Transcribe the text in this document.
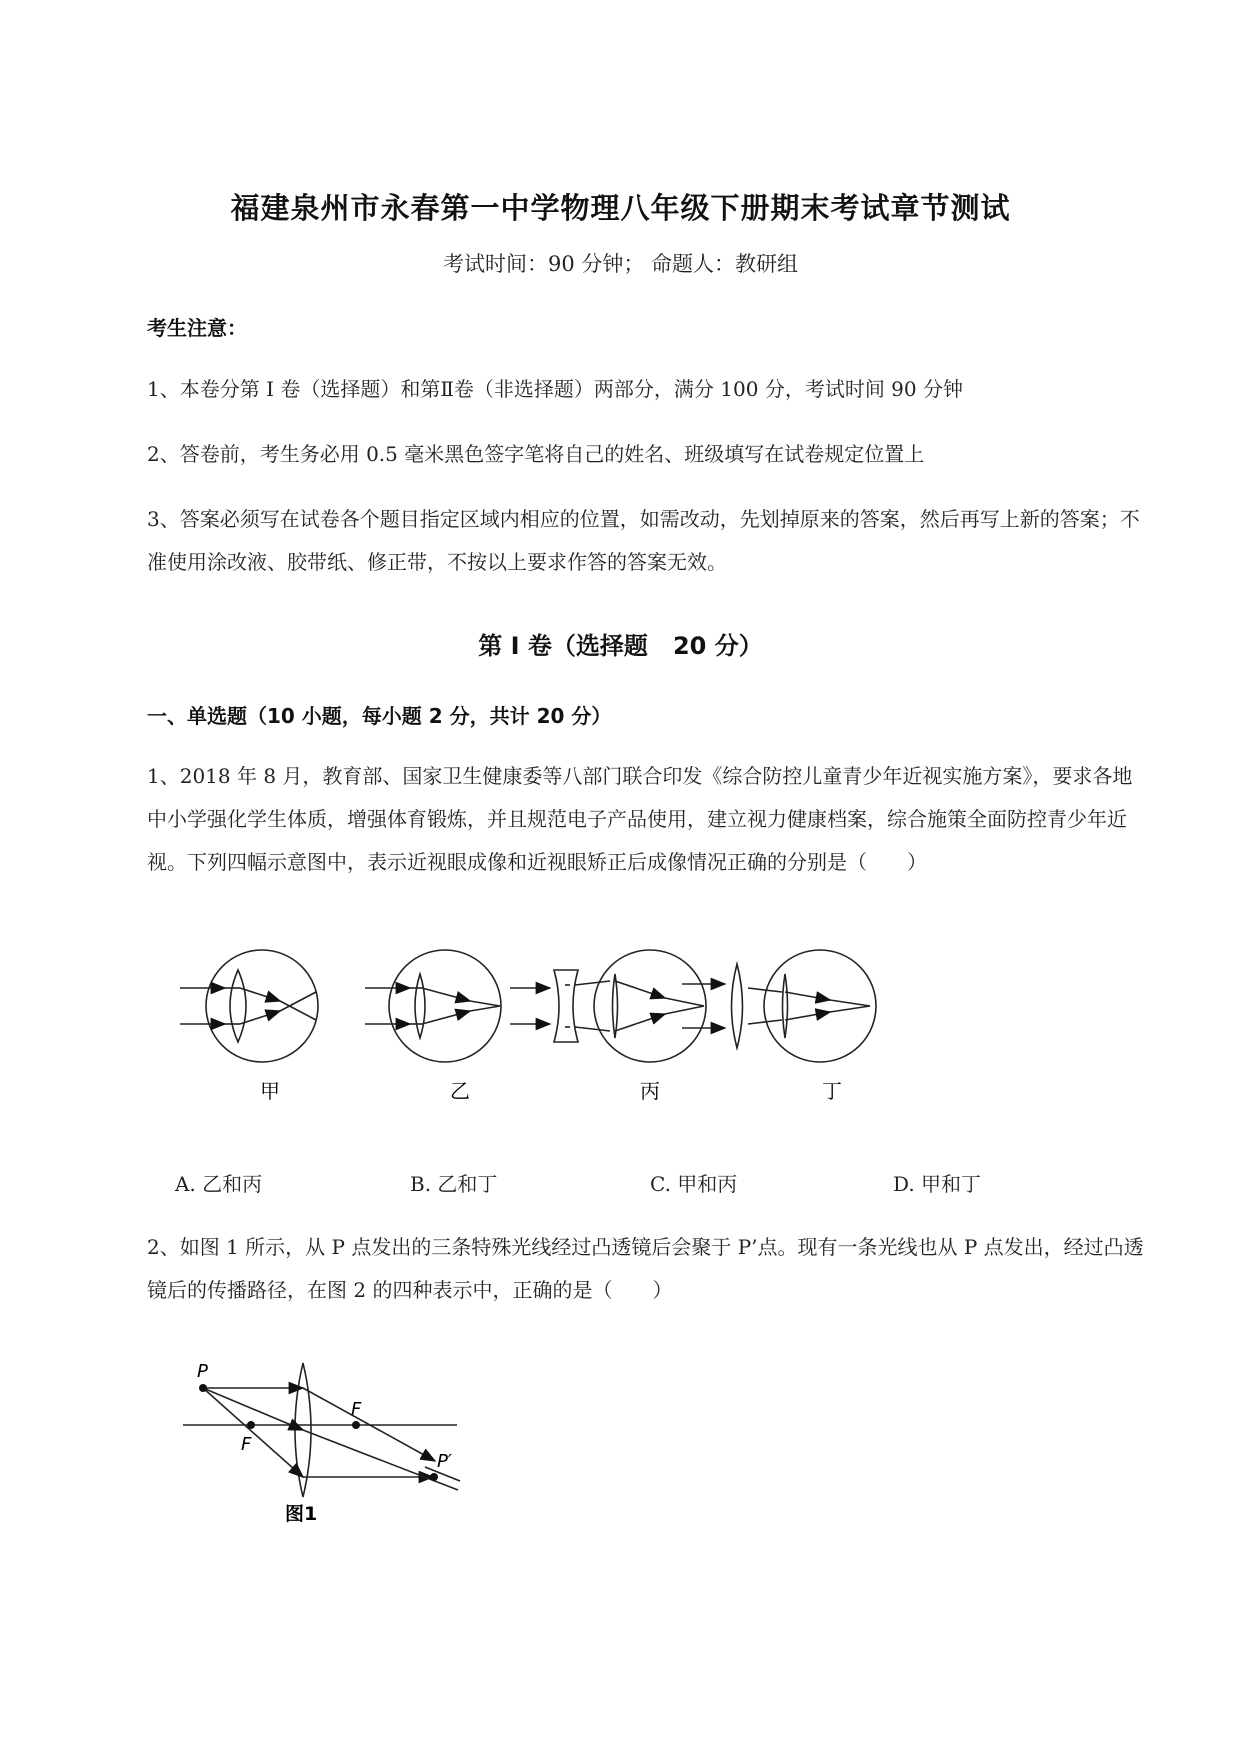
福建泉州市永春第一中学物理八年级下册期末考试章节测试
考试时间：90 分钟； 命题人：教研组
考生注意：
1、本卷分第 I 卷（选择题）和第Ⅱ卷（非选择题）两部分，满分 100 分，考试时间 90 分钟
2、答卷前，考生务必用 0.5 毫米黑色签字笔将自己的姓名、班级填写在试卷规定位置上
3、答案必须写在试卷各个题目指定区域内相应的位置，如需改动，先划掉原来的答案，然后再写上新的答案；不准使用涂改液、胶带纸、修正带，不按以上要求作答的答案无效。
第 I 卷（选择题   20 分）
一、单选题（10 小题，每小题 2 分，共计 20 分）
1、2018 年 8 月，教育部、国家卫生健康委等八部门联合印发《综合防控儿童青少年近视实施方案》，要求各地中小学强化学生体质，增强体育锻炼，并且规范电子产品使用，建立视力健康档案，综合施策全面防控青少年近视。下列四幅示意图中，表示近视眼成像和近视眼矫正后成像情况正确的分别是（　　）
甲	乙	丙	丁
A. 乙和丙	B. 乙和丁	C. 甲和丙	D. 甲和丁
2、如图 1 所示，从 P 点发出的三条特殊光线经过凸透镜后会聚于 P’点。现有一条光线也从 P 点发出，经过凸透镜后的传播路径，在图 2 的四种表示中，正确的是（　　）
P
F
F
P′
图1
